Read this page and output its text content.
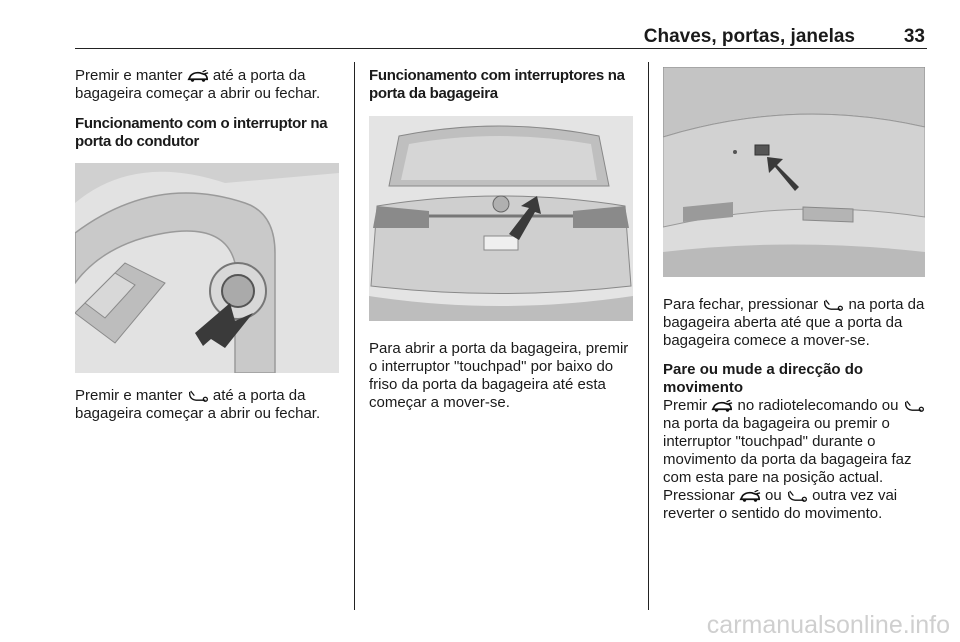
Chaves, portas, janelas	33

Premir e manter até a porta da bagageira começar a abrir ou fechar.

Funcionamento com o interruptor na porta do condutor

Premir e manter até a porta da bagageira começar a abrir ou fechar.

Funcionamento com interruptores na porta da bagageira

Para abrir a porta da bagageira, premir o interruptor "touchpad" por baixo do friso da porta da bagageira até esta começar a mover-se.

Para fechar, pressionar na porta da bagageira aberta até que a porta da bagageira comece a mover-se.

Pare ou mude a direcção do movimento

Premir no radiotelecomando ou  na porta da bagageira ou premir o interruptor "touchpad" durante o movimento da porta da bagageira faz com esta pare na posição actual. Pressionar ou outra vez vai reverter o sentido do movimento.

carmanualsonline.info
